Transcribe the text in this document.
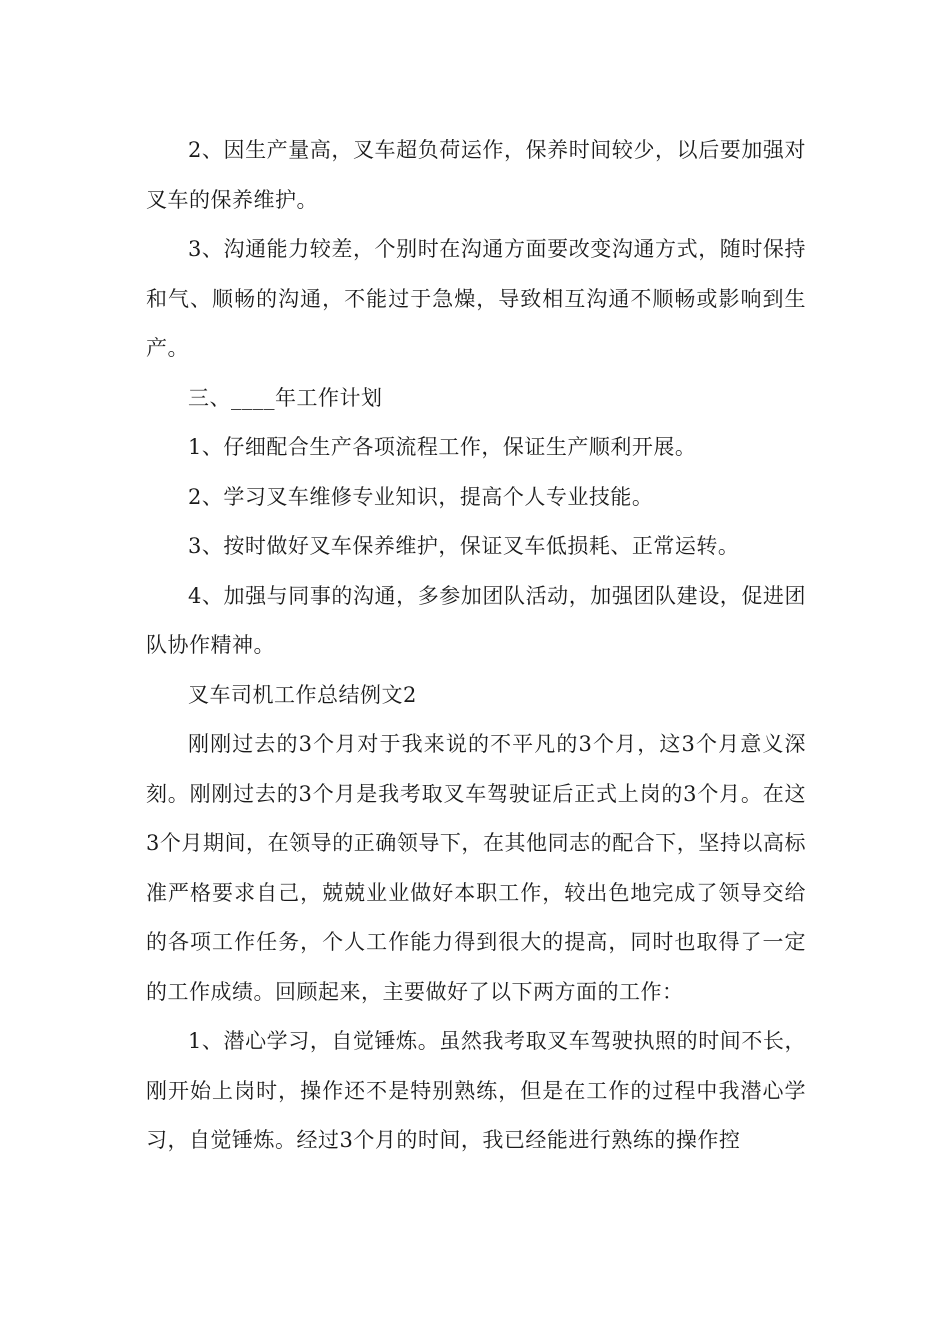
2、因生产量高，叉车超负荷运作，保养时间较少，以后要加强对叉车的保养维护。

3、沟通能力较差，个别时在沟通方面要改变沟通方式，随时保持和气、顺畅的沟通，不能过于急燥，导致相互沟通不顺畅或影响到生产。

三、____年工作计划

1、仔细配合生产各项流程工作，保证生产顺利开展。

2、学习叉车维修专业知识，提高个人专业技能。

3、按时做好叉车保养维护，保证叉车低损耗、正常运转。

4、加强与同事的沟通，多参加团队活动，加强团队建设，促进团队协作精神。

叉车司机工作总结例文2

刚刚过去的3个月对于我来说的不平凡的3个月，这3个月意义深刻。刚刚过去的3个月是我考取叉车驾驶证后正式上岗的3个月。在这3个月期间，在领导的正确领导下，在其他同志的配合下，坚持以高标准严格要求自己，兢兢业业做好本职工作，较出色地完成了领导交给的各项工作任务，个人工作能力得到很大的提高，同时也取得了一定的工作成绩。回顾起来，主要做好了以下两方面的工作：

1、潜心学习，自觉锤炼。虽然我考取叉车驾驶执照的时间不长，刚开始上岗时，操作还不是特别熟练，但是在工作的过程中我潜心学习，自觉锤炼。经过3个月的时间，我已经能进行熟练的操作控
